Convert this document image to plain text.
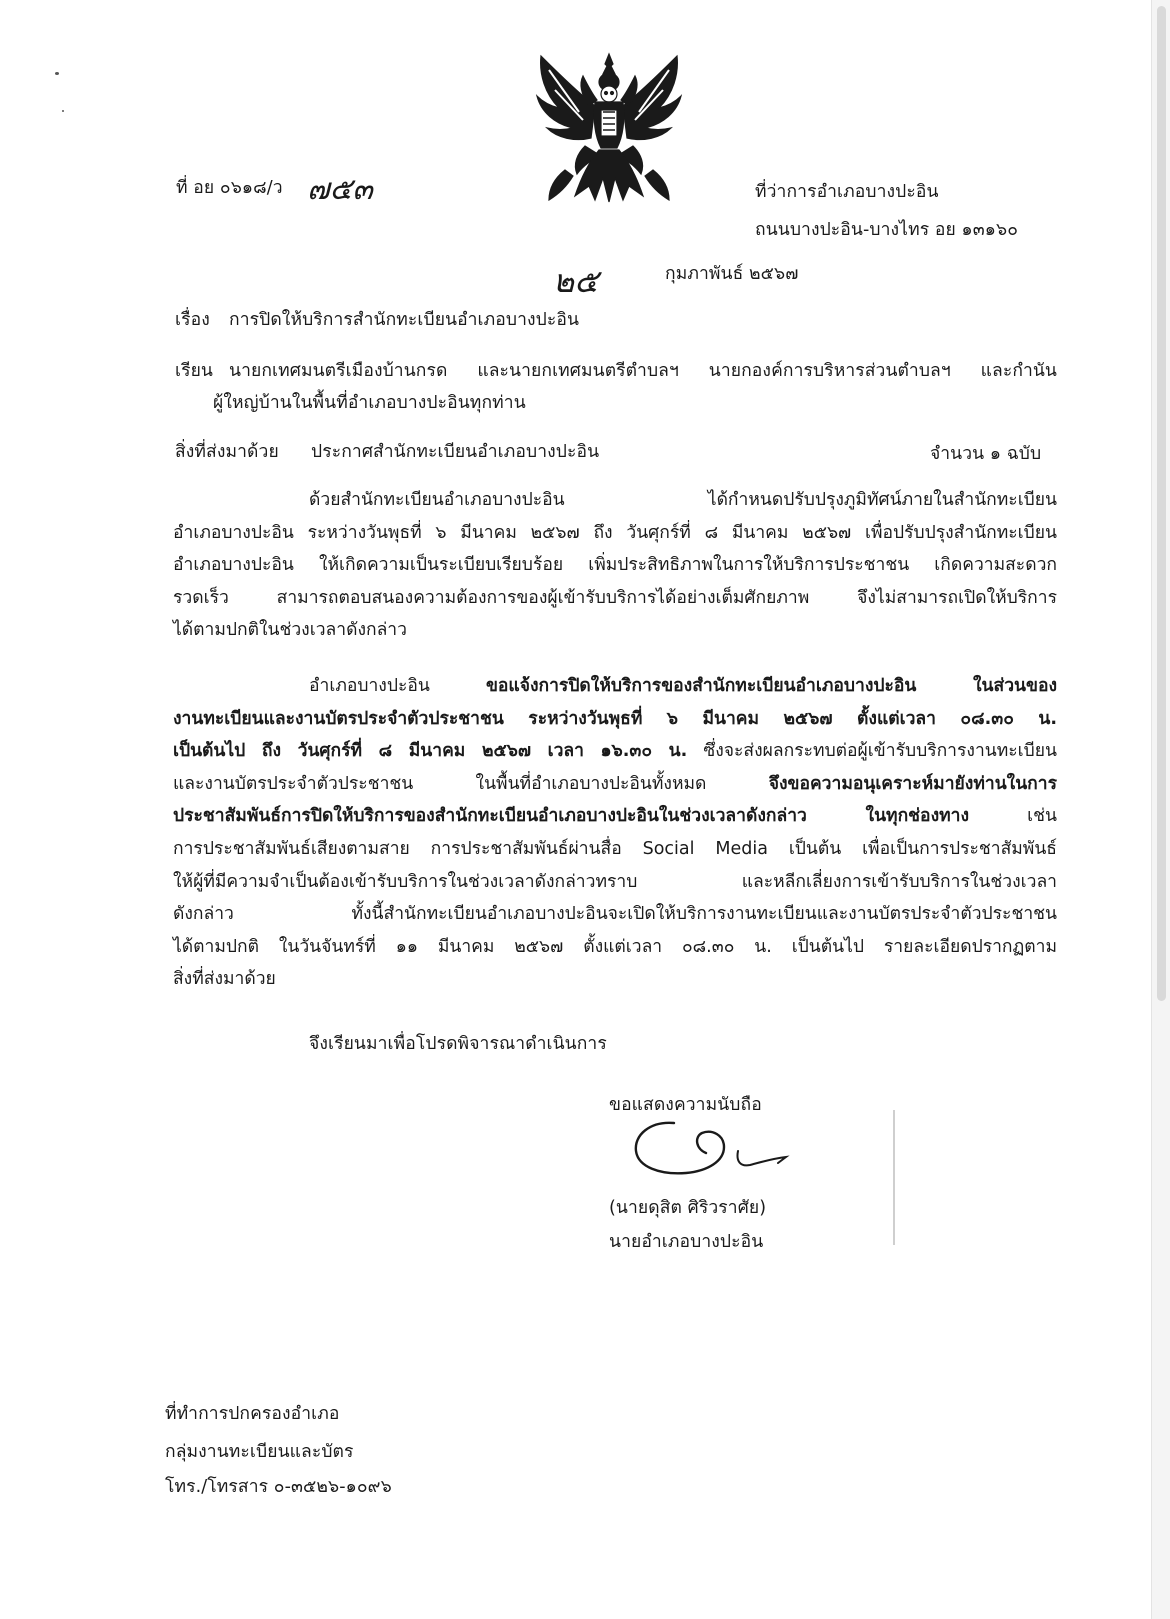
ที่ อย ๐๖๑๘/ว ๗๕๓	ที่ว่าการอำเภอบางปะอิน
ถนนบางปะอิน-บางไทร อย ๑๓๑๖๐
๒๕	กุมภาพันธ์ ๒๕๖๗
เรื่อง การปิดให้บริการสำนักทะเบียนอำเภอบางปะอิน
เรียน นายกเทศมนตรีเมืองบ้านกรด และนายกเทศมนตรีตำบลฯ นายกองค์การบริหารส่วนตำบลฯ และกำนัน
ผู้ใหญ่บ้านในพื้นที่อำเภอบางปะอินทุกท่าน
สิ่งที่ส่งมาด้วย ประกาศสำนักทะเบียนอำเภอบางปะอิน	จำนวน ๑ ฉบับ
ด้วยสำนักทะเบียนอำเภอบางปะอิน ได้กำหนดปรับปรุงภูมิทัศน์ภายในสำนักทะเบียน
อำเภอบางปะอิน ระหว่างวันพุธที่ ๖ มีนาคม ๒๕๖๗ ถึง วันศุกร์ที่ ๘ มีนาคม ๒๕๖๗ เพื่อปรับปรุงสำนักทะเบียน
อำเภอบางปะอิน ให้เกิดความเป็นระเบียบเรียบร้อย เพิ่มประสิทธิภาพในการให้บริการประชาชน เกิดความสะดวก
รวดเร็ว สามารถตอบสนองความต้องการของผู้เข้ารับบริการได้อย่างเต็มศักยภาพ จึงไม่สามารถเปิดให้บริการ
ได้ตามปกติในช่วงเวลาดังกล่าว
อำเภอบางปะอิน ขอแจ้งการปิดให้บริการของสำนักทะเบียนอำเภอบางปะอิน ในส่วนของ
งานทะเบียนและงานบัตรประจำตัวประชาชน ระหว่างวันพุธที่ ๖ มีนาคม ๒๕๖๗ ตั้งแต่เวลา ๐๘.๓๐ น.
เป็นต้นไป ถึง วันศุกร์ที่ ๘ มีนาคม ๒๕๖๗ เวลา ๑๖.๓๐ น. ซึ่งจะส่งผลกระทบต่อผู้เข้ารับบริการงานทะเบียน
และงานบัตรประจำตัวประชาชน ในพื้นที่อำเภอบางปะอินทั้งหมด จึงขอความอนุเคราะห์มายังท่านในการ
ประชาสัมพันธ์การปิดให้บริการของสำนักทะเบียนอำเภอบางปะอินในช่วงเวลาดังกล่าว ในทุกช่องทาง เช่น
การประชาสัมพันธ์เสียงตามสาย การประชาสัมพันธ์ผ่านสื่อ Social Media เป็นต้น เพื่อเป็นการประชาสัมพันธ์
ให้ผู้ที่มีความจำเป็นต้องเข้ารับบริการในช่วงเวลาดังกล่าวทราบ และหลีกเลี่ยงการเข้ารับบริการในช่วงเวลา
ดังกล่าว ทั้งนี้สำนักทะเบียนอำเภอบางปะอินจะเปิดให้บริการงานทะเบียนและงานบัตรประจำตัวประชาชน
ได้ตามปกติ ในวันจันทร์ที่ ๑๑ มีนาคม ๒๕๖๗ ตั้งแต่เวลา ๐๘.๓๐ น. เป็นต้นไป รายละเอียดปรากฏตาม
สิ่งที่ส่งมาด้วย
จึงเรียนมาเพื่อโปรดพิจารณาดำเนินการ
ขอแสดงความนับถือ
(นายดุสิต ศิริวราศัย)
นายอำเภอบางปะอิน
ที่ทำการปกครองอำเภอ
กลุ่มงานทะเบียนและบัตร
โทร./โทรสาร ๐-๓๕๒๖-๑๐๙๖
